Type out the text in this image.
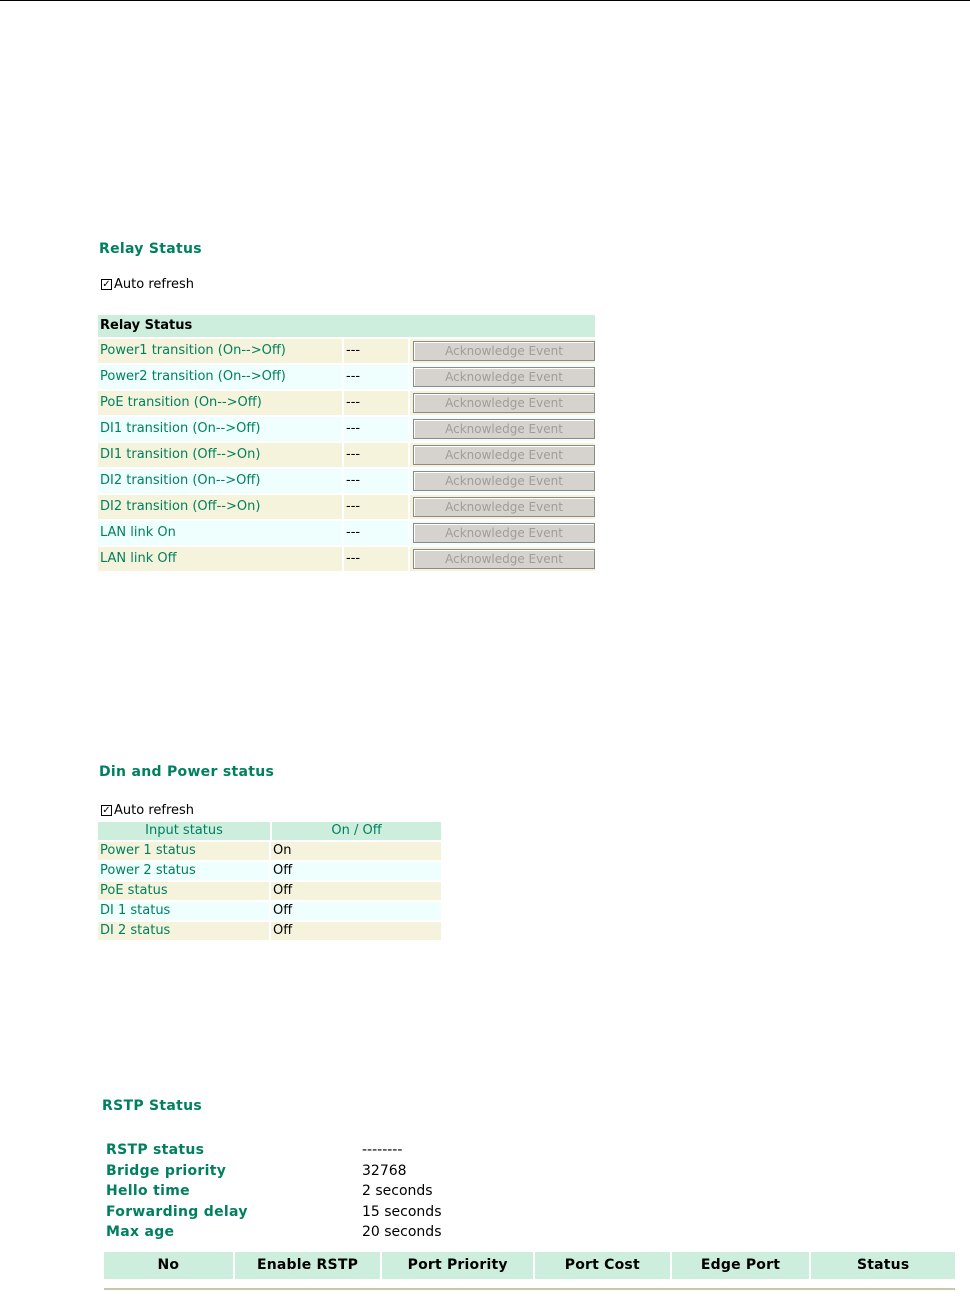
Relay Status
✓ Auto refresh
Relay Status
Power1 transition (On-->Off)	---	Acknowledge Event
Power2 transition (On-->Off)	---	Acknowledge Event
PoE transition (On-->Off)	---	Acknowledge Event
DI1 transition (On-->Off)	---	Acknowledge Event
DI1 transition (Off-->On)	---	Acknowledge Event
DI2 transition (On-->Off)	---	Acknowledge Event
DI2 transition (Off-->On)	---	Acknowledge Event
LAN link On	---	Acknowledge Event
LAN link Off	---	Acknowledge Event
Din and Power status
✓ Auto refresh
Input status	On / Off
Power 1 status	On
Power 2 status	Off
PoE status	Off
DI 1 status	Off
DI 2 status	Off
RSTP Status
RSTP status	--------
Bridge priority	32768
Hello time	2 seconds
Forwarding delay	15 seconds
Max age	20 seconds
No	Enable RSTP	Port Priority	Port Cost	Edge Port	Status
